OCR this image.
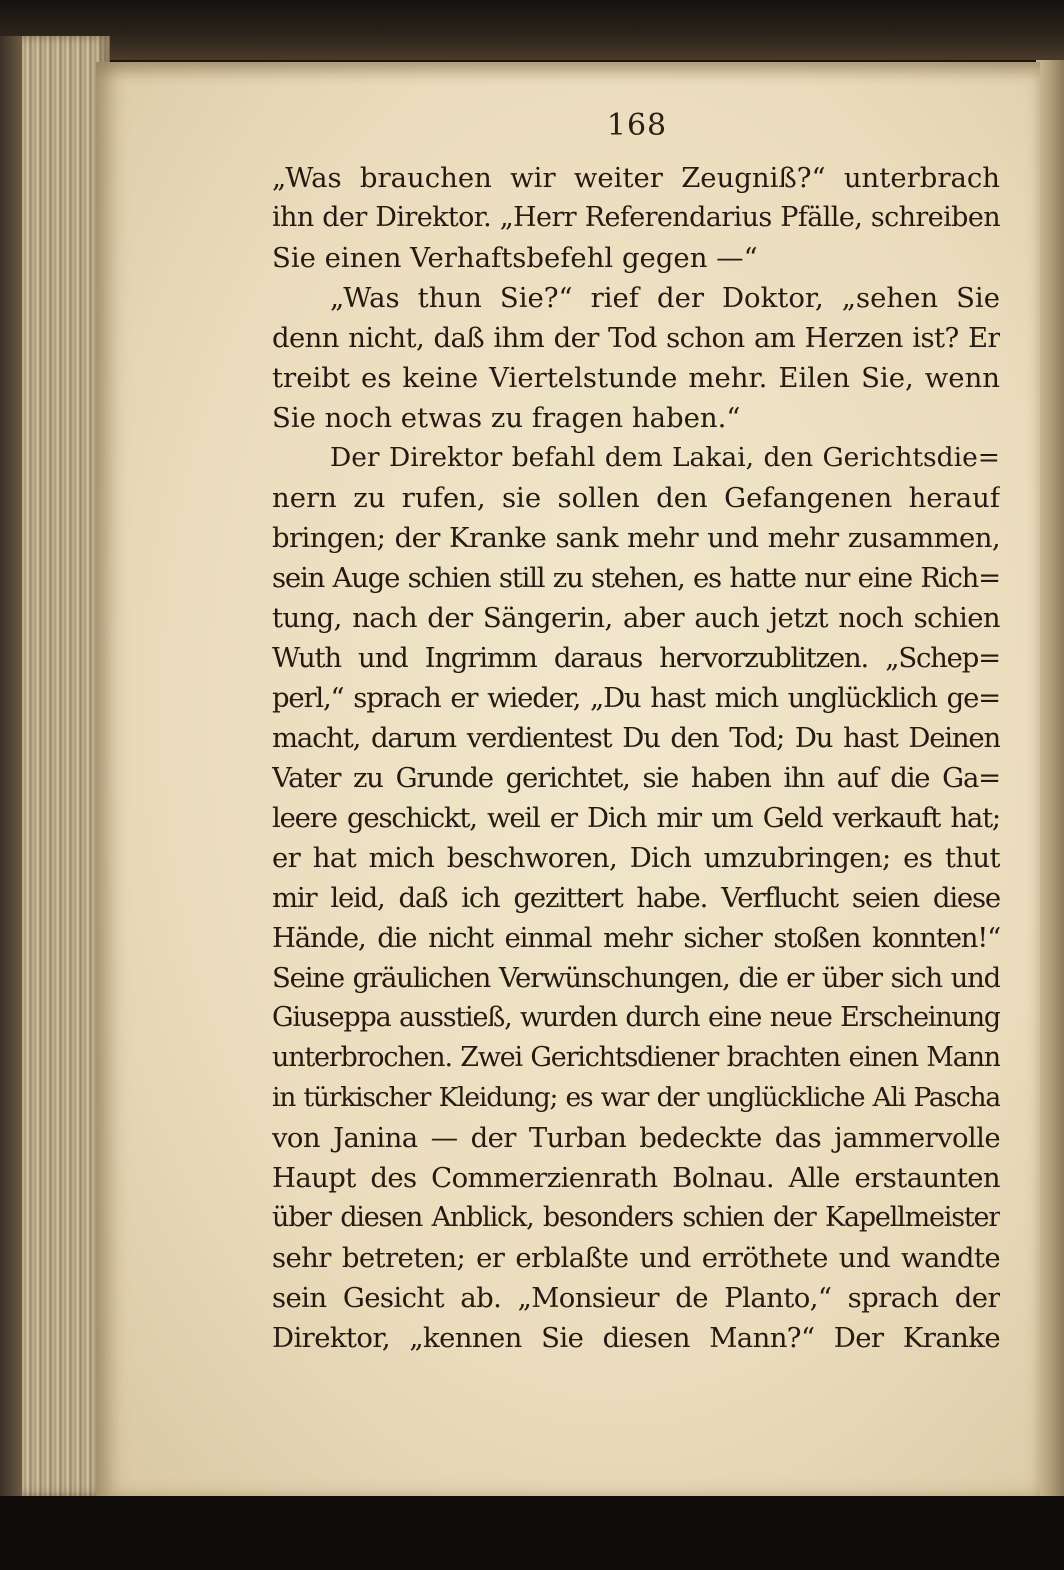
168
„Was brauchen wir weiter Zeugniß?“ unterbrach
ihn der Direktor. „Herr Referendarius Pfälle, schreiben
Sie einen Verhaftsbefehl gegen —“
„Was thun Sie?“ rief der Doktor, „sehen Sie
denn nicht, daß ihm der Tod schon am Herzen ist? Er
treibt es keine Viertelstunde mehr. Eilen Sie, wenn
Sie noch etwas zu fragen haben.“
Der Direktor befahl dem Lakai, den Gerichtsdie=
nern zu rufen, sie sollen den Gefangenen herauf
bringen; der Kranke sank mehr und mehr zusammen,
sein Auge schien still zu stehen, es hatte nur eine Rich=
tung, nach der Sängerin, aber auch jetzt noch schien
Wuth und Ingrimm daraus hervorzublitzen. „Schep=
perl,“ sprach er wieder, „Du hast mich unglücklich ge=
macht, darum verdientest Du den Tod; Du hast Deinen
Vater zu Grunde gerichtet, sie haben ihn auf die Ga=
leere geschickt, weil er Dich mir um Geld verkauft hat;
er hat mich beschworen, Dich umzubringen; es thut
mir leid, daß ich gezittert habe. Verflucht seien diese
Hände, die nicht einmal mehr sicher stoßen konnten!“
Seine gräulichen Verwünschungen, die er über sich und
Giuseppa ausstieß, wurden durch eine neue Erscheinung
unterbrochen. Zwei Gerichtsdiener brachten einen Mann
in türkischer Kleidung; es war der unglückliche Ali Pascha
von Janina — der Turban bedeckte das jammervolle
Haupt des Commerzienrath Bolnau. Alle erstaunten
über diesen Anblick, besonders schien der Kapellmeister
sehr betreten; er erblaßte und erröthete und wandte
sein Gesicht ab. „Monsieur de Planto,“ sprach der
Direktor, „kennen Sie diesen Mann?“ Der Kranke
